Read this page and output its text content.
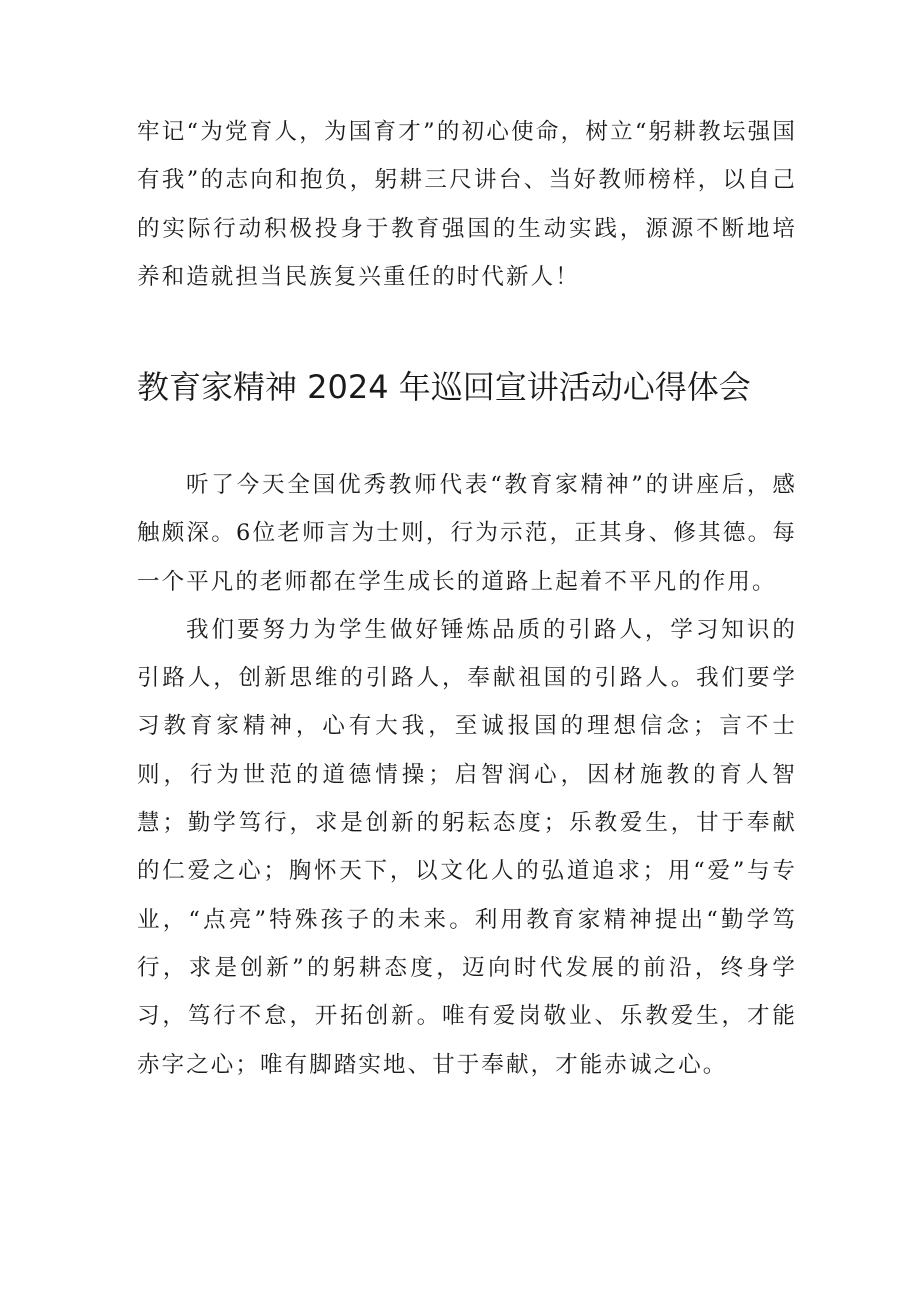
牢记“为党育人，为国育才”的初心使命，树立“躬耕教坛强国有我”的志向和抱负，躬耕三尺讲台、当好教师榜样，以自己的实际行动积极投身于教育强国的生动实践，源源不断地培养和造就担当民族复兴重任的时代新人！

教育家精神 2024 年巡回宣讲活动心得体会

听了今天全国优秀教师代表“教育家精神”的讲座后，感触颇深。6位老师言为士则，行为示范，正其身、修其德。每一个平凡的老师都在学生成长的道路上起着不平凡的作用。

我们要努力为学生做好锤炼品质的引路人，学习知识的引路人，创新思维的引路人，奉献祖国的引路人。我们要学习教育家精神，心有大我，至诚报国的理想信念；言不士则，行为世范的道德情操；启智润心，因材施教的育人智慧；勤学笃行，求是创新的躬耘态度；乐教爱生，甘于奉献的仁爱之心；胸怀天下，以文化人的弘道追求；用“爱”与专业，“点亮”特殊孩子的未来。利用教育家精神提出“勤学笃行，求是创新”的躬耕态度，迈向时代发展的前沿，终身学习，笃行不怠，开拓创新。唯有爱岗敬业、乐教爱生，才能赤字之心；唯有脚踏实地、甘于奉献，才能赤诚之心。
